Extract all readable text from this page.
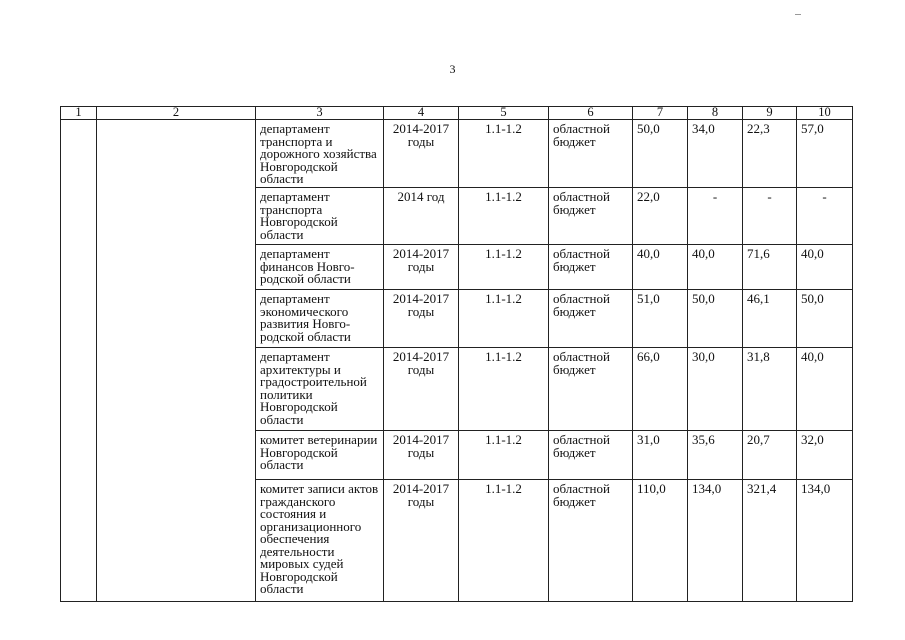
3
1	2	3	4	5	6	7	8	9	10
		департамент транспорта и дорожного хозяйства Новгородской области	2014-2017 годы	1.1-1.2	областной бюджет	50,0	34,0	22,3	57,0
		департамент транспорта Новгородской области	2014 год	1.1-1.2	областной бюджет	22,0	-	-	-
		департамент финансов Новгородской области	2014-2017 годы	1.1-1.2	областной бюджет	40,0	40,0	71,6	40,0
		департамент экономического развития Новгородской области	2014-2017 годы	1.1-1.2	областной бюджет	51,0	50,0	46,1	50,0
		департамент архитектуры и градостроительной политики Новгородской области	2014-2017 годы	1.1-1.2	областной бюджет	66,0	30,0	31,8	40,0
		комитет ветеринарии Новгородской области	2014-2017 годы	1.1-1.2	областной бюджет	31,0	35,6	20,7	32,0
		комитет записи актов гражданского состояния и организационного обеспечения деятельности мировых судей Новгородской области	2014-2017 годы	1.1-1.2	областной бюджет	110,0	134,0	321,4	134,0
